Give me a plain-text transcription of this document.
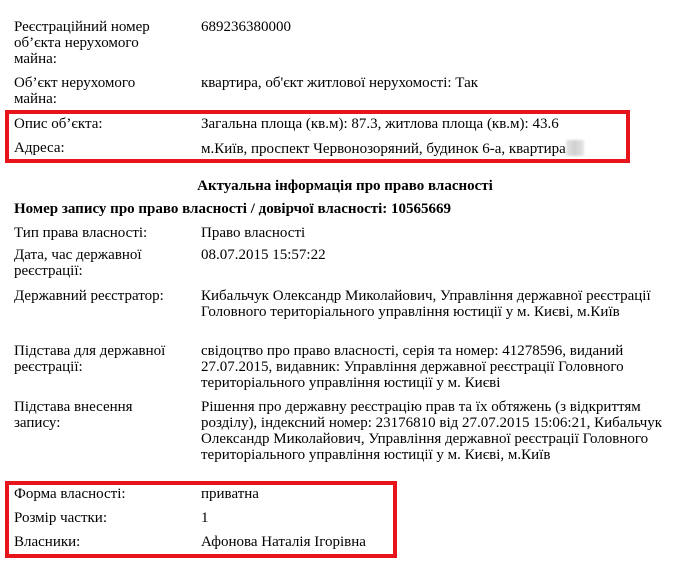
Реєстраційний номер об’єкта нерухомого майна:
689236380000
Об’єкт нерухомого майна:
квартира, об'єкт житлової нерухомості: Так
Опис об’єкта:	Загальна площа (кв.м): 87.3, житлова площа (кв.м): 43.6
Адреса:	м.Київ, проспект Червонозоряний, будинок 6-а, квартира
Актуальна інформація про право власності
Номер запису про право власності / довірчої власності: 10565669
Тип права власності:	Право власності
Дата, час державної реєстрації:
08.07.2015 15:57:22
Державний реєстратор:	Кибальчук Олександр Миколайович, Управління державної реєстрації Головного територіального управління юстиції у м. Києві, м.Київ
Підстава для державної реєстрації:
свідоцтво про право власності, серія та номер: 41278596, виданий 27.07.2015, видавник: Управління державної реєстрації Головного територіального управління юстиції у м. Києві
Підстава внесення запису:
Рішення про державну реєстрацію прав та їх обтяжень (з відкриттям розділу), індексний номер: 23176810 від 27.07.2015 15:06:21, Кибальчук Олександр Миколайович, Управління державної реєстрації Головного територіального управління юстиції у м. Києві, м.Київ
Форма власності:	приватна
Розмір частки:	1
Власники:	Афонова Наталія Ігорівна
